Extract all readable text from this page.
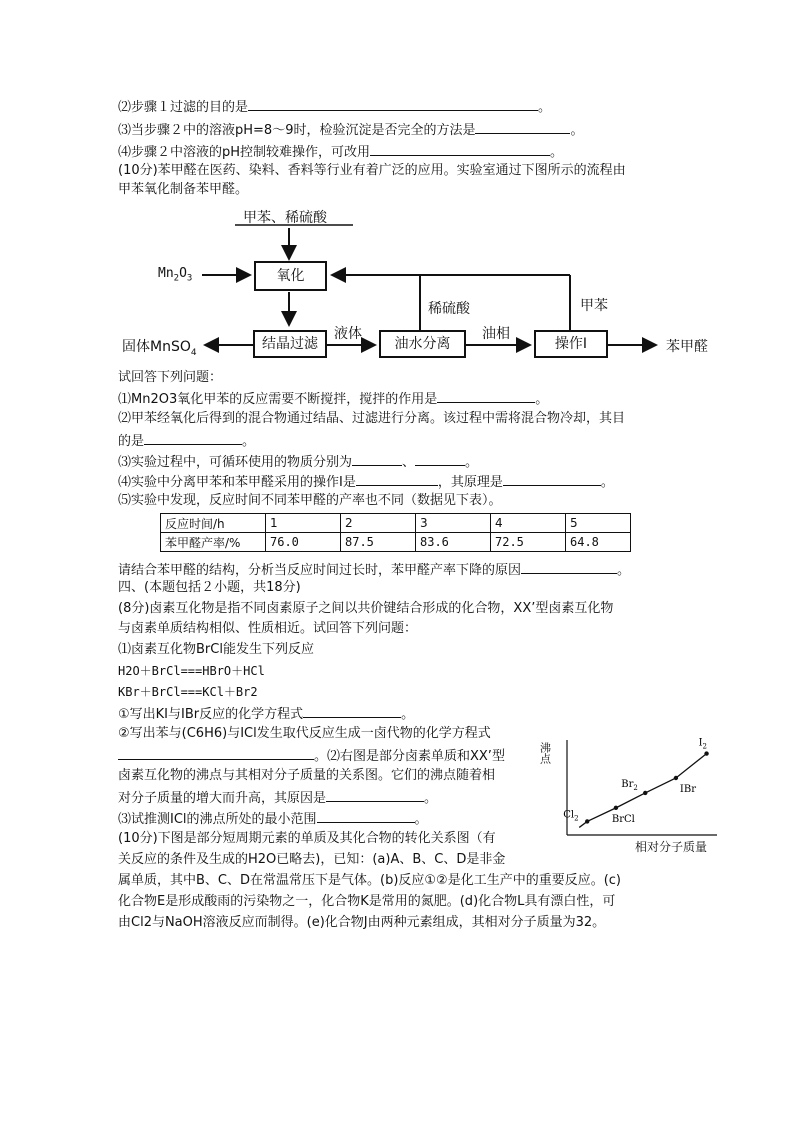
⑵步骤１过滤的目的是	。
⑶当步骤２中的溶液pH=8～9时，检验沉淀是否完全的方法是	。
⑷步骤２中溶液的pH控制较难操作，可改用	。
(10分)苯甲醛在医药、染料、香料等行业有着广泛的应用。实验室通过下图所示的流程由
甲苯氧化制备苯甲醛。
甲苯、稀硫酸
$Mn_2O_3$	氧化
结晶过滤
液体
油水分离
油相
操作Ⅰ
稀硫酸	甲苯
苯甲醛
固体MnSO$_4$
试回答下列问题：
⑴Mn2O3氧化甲苯的反应需要不断搅拌，搅拌的作用是	。
⑵甲苯经氧化后得到的混合物通过结晶、过滤进行分离。该过程中需将混合物冷却，其目
的是	。
⑶实验过程中，可循环使用的物质分别为	、	。
⑷实验中分离甲苯和苯甲醛采用的操作Ⅰ是	，其原理是	。
⑸实验中发现，反应时间不同苯甲醛的产率也不同（数据见下表）。
反应时间/h	1	2	3	4	5
苯甲醛产率/%	76.0	87.5	83.6	72.5	64.8
请结合苯甲醛的结构，分析当反应时间过长时，苯甲醛产率下降的原因	。
四、(本题包括２小题，共18分)
(8分)卤素互化物是指不同卤素原子之间以共价键结合形成的化合物，XX’型卤素互化物
与卤素单质结构相似、性质相近。试回答下列问题：
⑴卤素互化物BrCl能发生下列反应
H2O＋BrCl===HBrO＋HCl
KBr＋BrCl===KCl＋Br2
①写出KI与IBr反应的化学方程式	。
②写出苯与(C6H6)与ICl发生取代反应生成一卤代物的化学方程式
。⑵右图是部分卤素单质和XX’型
卤素互化物的沸点与其相对分子质量的关系图。它们的沸点随着相
对分子质量的增大而升高，其原因是	。
⑶试推测ICl的沸点所处的最小范围	。
(10分)下图是部分短周期元素的单质及其化合物的转化关系图（有
关反应的条件及生成的H2O已略去)，已知：(a)A、B、C、D是非金
属单质，其中B、C、D在常温常压下是气体。(b)反应①②是化工生产中的重要反应。(c)
化合物E是形成酸雨的污染物之一，化合物K是常用的氮肥。(d)化合物L具有漂白性，可
由Cl2与NaOH溶液反应而制得。(e)化合物J由两种元素组成，其相对分子质量为32。
沸点
相对分子质量
$Cl_2$	BrCl
$Br_2$	IBr
$I_2$
